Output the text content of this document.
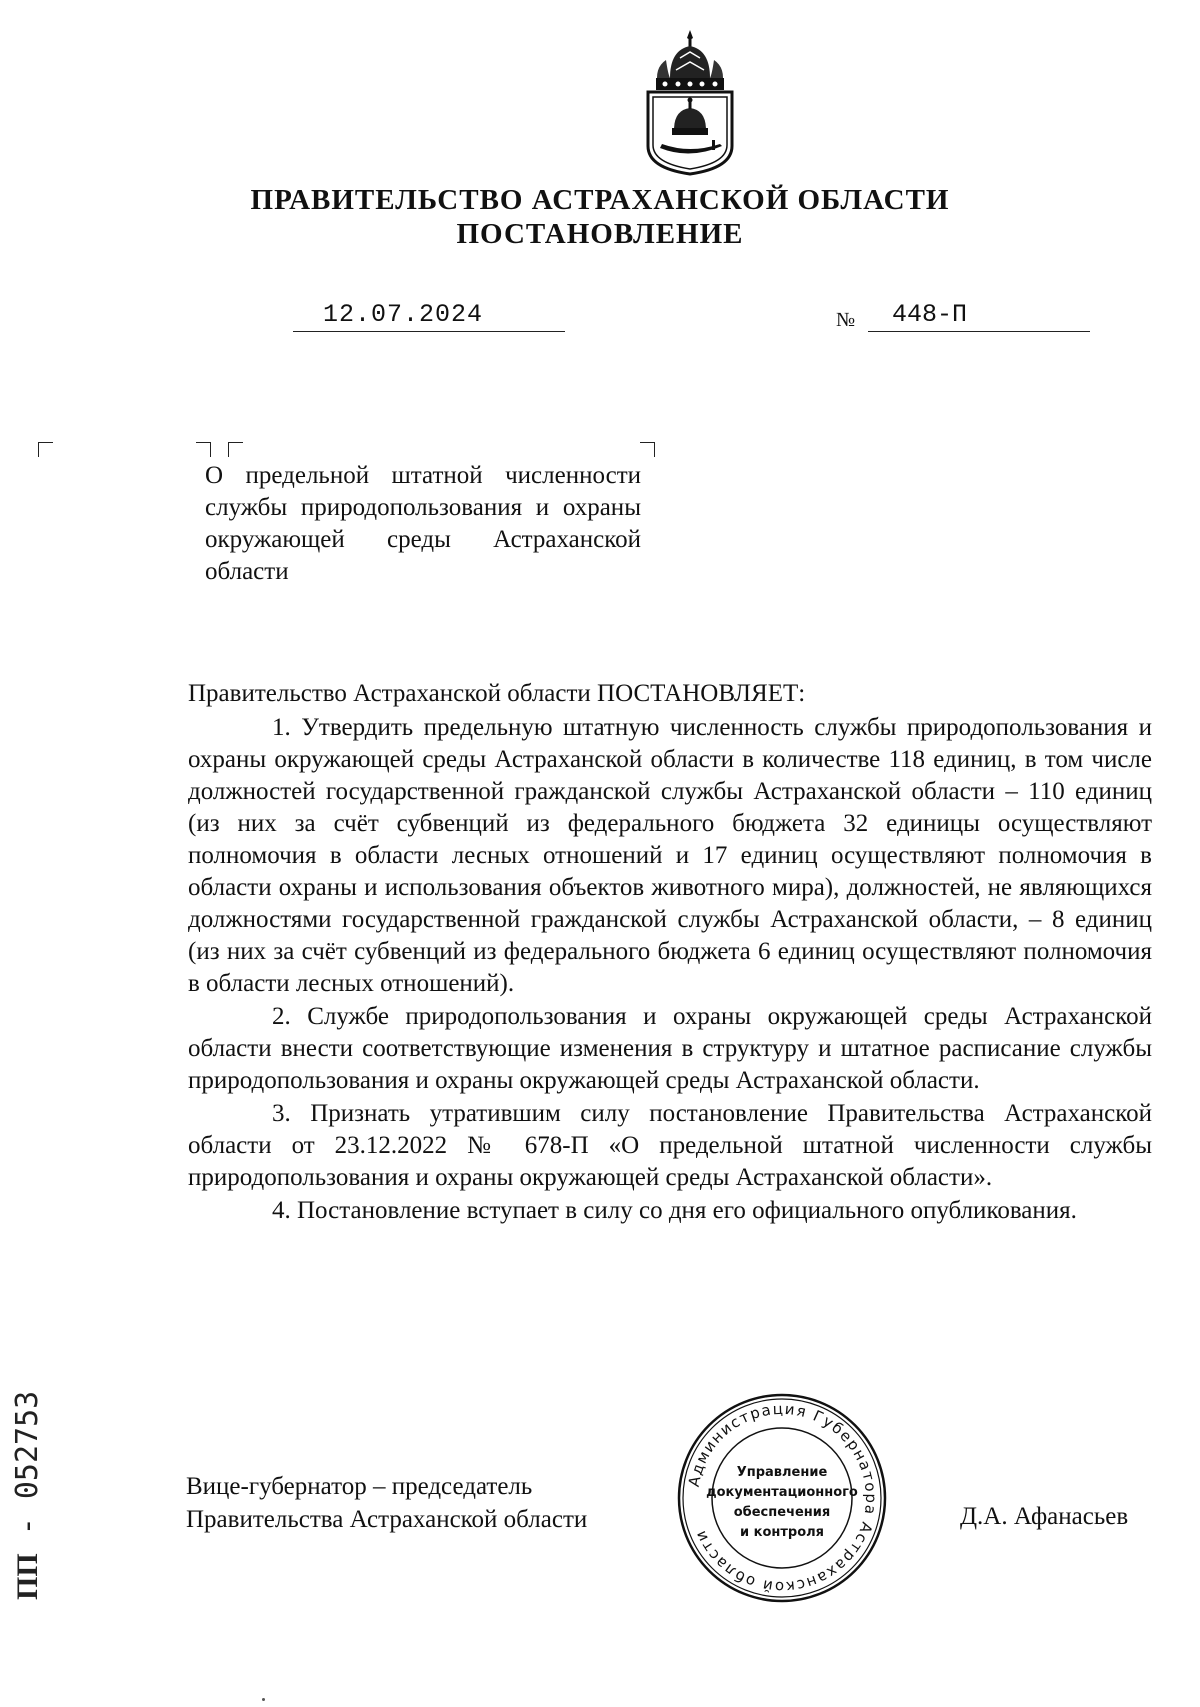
ПРАВИТЕЛЬСТВО АСТРАХАНСКОЙ ОБЛАСТИ
ПОСТАНОВЛЕНИЕ
12.07.2024	№ 448-П
О предельной штатной численности службы природопользования и охраны окружающей среды Астраханской области
Правительство Астраханской области ПОСТАНОВЛЯЕТ:

1. Утвердить предельную штатную численность службы природопользования и охраны окружающей среды Астраханской области в количестве 118 единиц, в том числе должностей государственной гражданской службы Астраханской области – 110 единиц (из них за счёт субвенций из федерального бюджета 32 единицы осуществляют полномочия в области лесных отношений и 17 единиц осуществляют полномочия в области охраны и использования объектов животного мира), должностей, не являющихся должностями государственной гражданской службы Астраханской области, – 8 единиц (из них за счёт субвенций из федерального бюджета 6 единиц осуществляют полномочия в области лесных отношений).

2. Службе природопользования и охраны окружающей среды Астраханской области внести соответствующие изменения в структуру и штатное расписание службы природопользования и охраны окружающей среды Астраханской области.

3. Признать утратившим силу постановление Правительства Астраханской области от 23.12.2022 № 678-П «О предельной штатной численности службы природопользования и охраны окружающей среды Астраханской области».

4. Постановление вступает в силу со дня его официального опубликования.

Вице-губернатор – председатель
Правительства Астраханской области	Д.А. Афанасьев
Администрация Губернатора Астраханской области
Управление
документационного
обеспечения
и контроля
ПП - 052753
